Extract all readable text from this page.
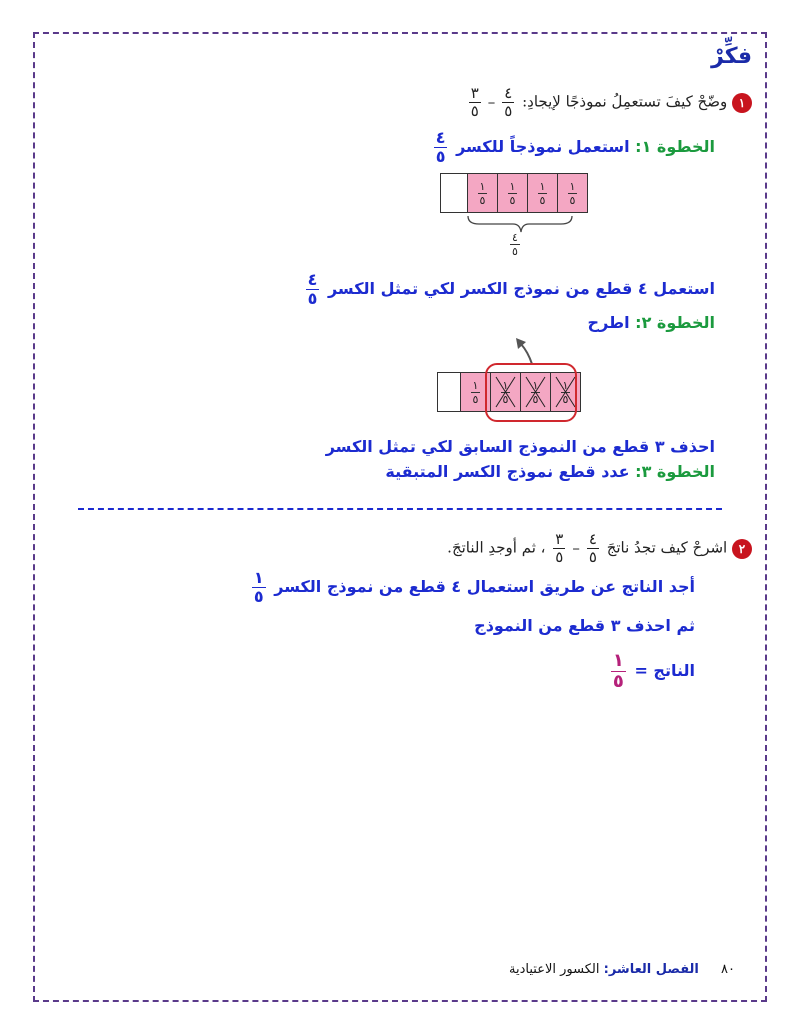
فكِّرْ
١ وضّحْ كيفَ تستعمِلُ نموذجًا لإيجادِ:
$\frac{٤}{٥}$
–
$\frac{٣}{٥}$
الخطوة ١: استعمل نموذجاً للكسر
$\frac{٤}{٥}$
١
٥
١
٥
١
٥
١
٥
٤
٥
استعمل ٤ قطع من نموذج الكسر لكي تمثل الكسر
$\frac{٤}{٥}$
الخطوة ٢: اطرح
١
٥
١
٥
١
٥
١
٥
احذف ٣ قطع من النموذج السابق لكي تمثل الكسر
الخطوة ٣: عدد قطع نموذج الكسر المتبقية
٢ اشرحْ كيف تجدُ ناتجَ
$\frac{٤}{٥}$
–
$\frac{٣}{٥}$
، ثم أوجدِ الناتجَ.
أجد الناتج عن طريق استعمال ٤ قطع من نموذج الكسر
$\frac{١}{٥}$
ثم احذف ٣ قطع من النموذج
الناتج =
$\frac{١}{٥}$
٨٠ الفصل العاشر: الكسور الاعتيادية
